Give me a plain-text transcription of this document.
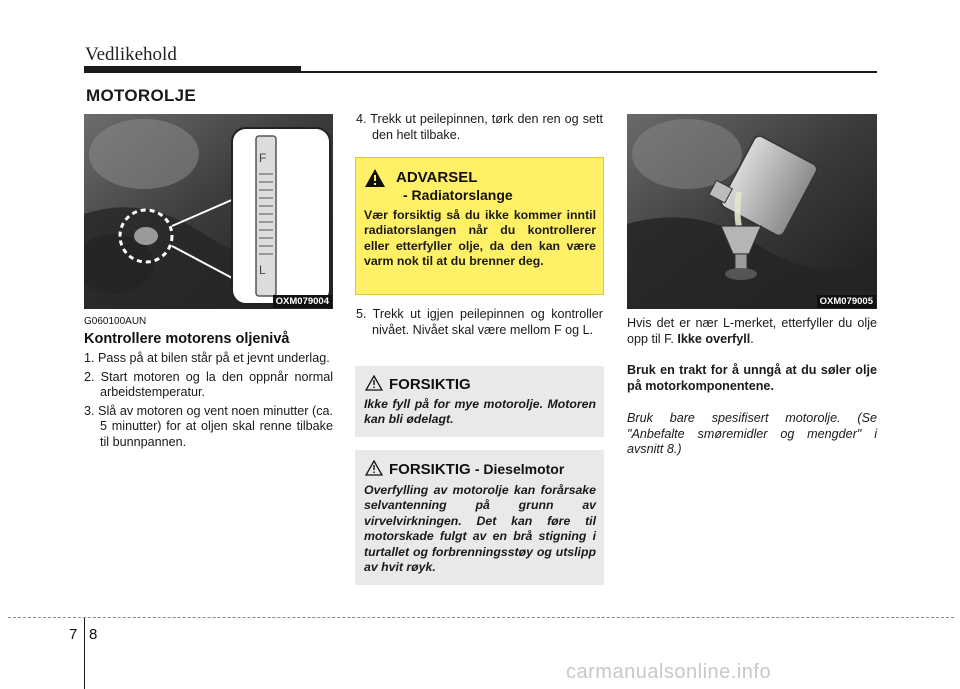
Vedlikehold
MOTOROLJE
F
L
OXM079004
G060100AUN
Kontrollere motorens oljenivå
1. Pass på at bilen står på et jevnt underlag.
2. Start motoren og la den oppnår normal arbeidstemperatur.
3. Slå av motoren og vent noen minutter (ca. 5 minutter) for at oljen skal renne tilbake til bunnpannen.
4. Trekk ut peilepinnen, tørk den ren og sett den helt tilbake.
ADVARSEL
- Radiatorslange
Vær forsiktig så du ikke kommer inntil radiatorslangen når du kontrollerer eller etterfyller olje, da den kan være varm nok til at du brenner deg.
5. Trekk ut igjen peilepinnen og kontroller nivået. Nivået skal være mellom F og L.
FORSIKTIG
Ikke fyll på for mye motorolje. Motoren kan bli ødelagt.
FORSIKTIG - Dieselmotor
Overfylling av motorolje kan forårsake selvantenning på grunn av virvelvirkningen. Det kan føre til motorskade fulgt av en brå stigning i turtallet og forbrenningsstøy og utslipp av hvit røyk.
OXM079005
Hvis det er nær L-merket, etterfyller du olje opp til F. Ikke overfyll.
Bruk en trakt for å unngå at du søler olje på motorkomponentene.
Bruk bare spesifisert motorolje. (Se "Anbefalte smøremidler og mengder" i avsnitt 8.)
7 8
carmanualsonline.info
